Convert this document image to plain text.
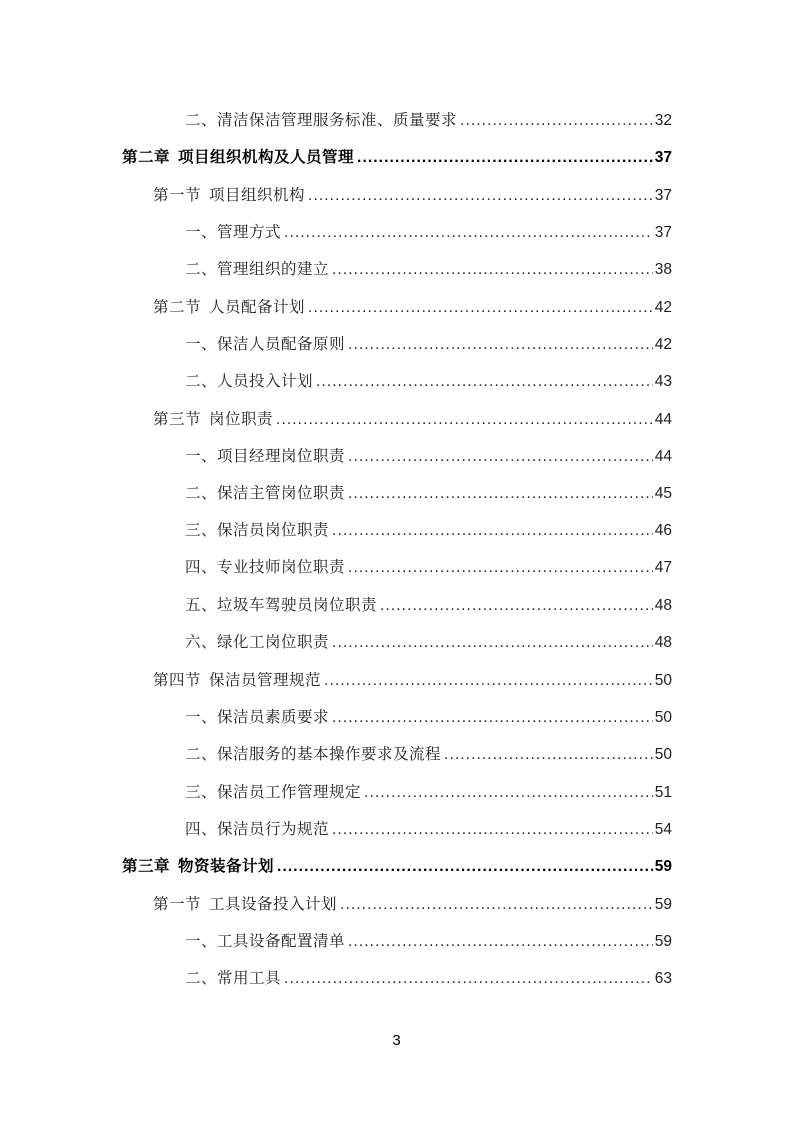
二、清洁保洁管理服务标准、质量要求 .....	32
第二章 项目组织机构及人员管理 .....	37
第一节 项目组织机构 .....	37
一、管理方式 .....	37
二、管理组织的建立 .....	38
第二节 人员配备计划 .....	42
一、保洁人员配备原则 .....	42
二、人员投入计划 .....	43
第三节 岗位职责 .....	44
一、项目经理岗位职责 .....	44
二、保洁主管岗位职责 .....	45
三、保洁员岗位职责 .....	46
四、专业技师岗位职责 .....	47
五、垃圾车驾驶员岗位职责 .....	48
六、绿化工岗位职责 .....	48
第四节 保洁员管理规范 .....	50
一、保洁员素质要求 .....	50
二、保洁服务的基本操作要求及流程 .....	50
三、保洁员工作管理规定 .....	51
四、保洁员行为规范 .....	54
第三章 物资装备计划 .....	59
第一节 工具设备投入计划 .....	59
一、工具设备配置清单 .....	59
二、常用工具 .....	63
3
